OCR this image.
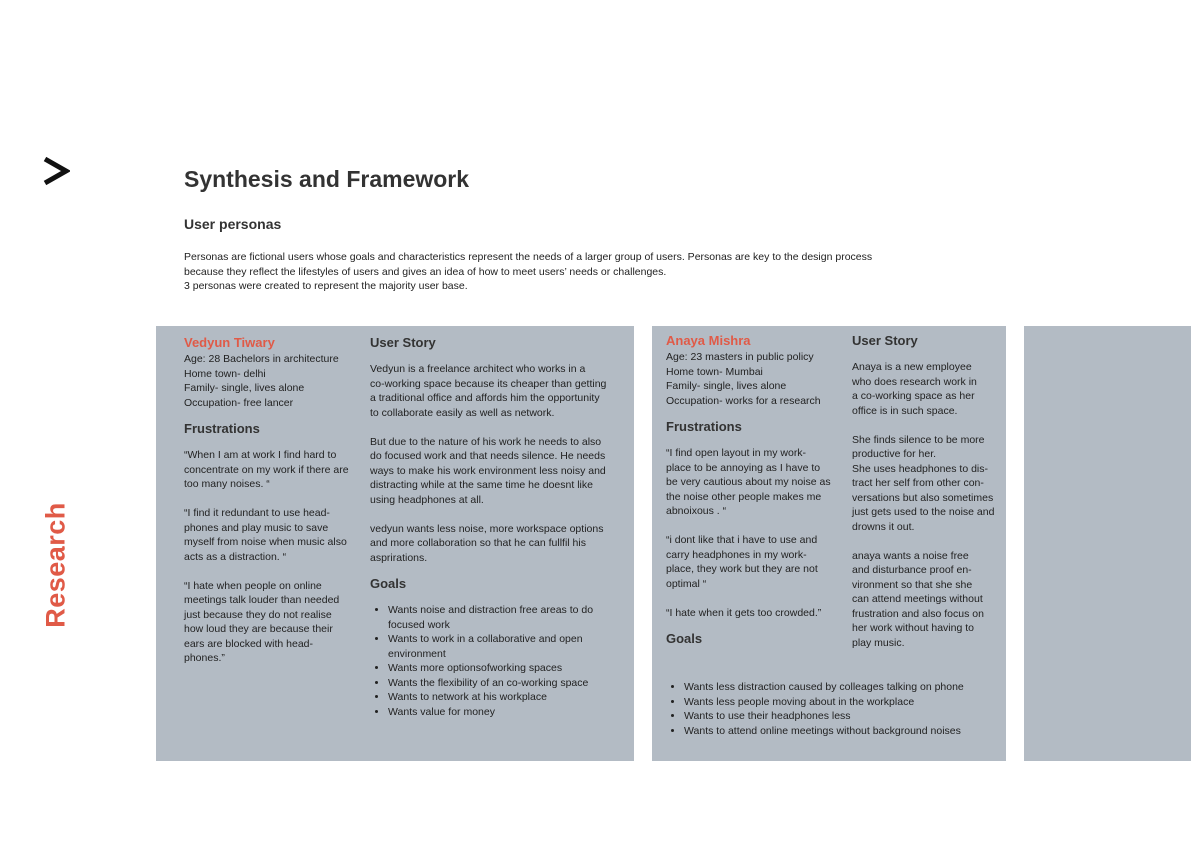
Research
Synthesis and Framework
User personas

Personas are fictional users whose goals and characteristics represent the needs of a larger group of users. Personas are key to the design process

because they reflect the lifestyles of users and gives an idea of how to meet users’ needs or challenges.

3 personas were created to represent the majority user base.

Vedyun Tiwary

Age: 28 Bachelors in architecture

Home town- delhi

Family- single, lives alone

Occupation- free lancer

Frustrations

“When I am at work I find hard to
concentrate on my work if there are
too many noises. “

“I find it redundant to use head-
phones and play music to save
myself from noise when music also
acts as a distraction. “

“I hate when people on online
meetings talk louder than needed
just because they do not realise
how loud they are because their
ears are blocked with head-
phones.”

User Story

Vedyun is a freelance architect who works in a
co-working space because its cheaper than getting
a traditional office and affords him the opportunity
to collaborate easily as well as network.

But due to the nature of his work he needs to also
do focused work and that needs silence. He needs
ways to make his work environment less noisy and
distracting while at the same time he doesnt like
using headphones at all.

vedyun wants less noise, more workspace options
and more collaboration so that he can fullfil his
asprirations.

Goals

• Wants noise and distraction free areas to do
focused work
• Wants to work in a collaborative and open
environment
• Wants more optionsofworking spaces
• Wants the flexibility of an co-working space
• Wants to network at his workplace
• Wants value for money

Anaya Mishra

Age: 23 masters in public policy

Home town- Mumbai

Family- single, lives alone

Occupation- works for a research

Frustrations

“I find open layout in my work-
place to be annoying as I have to
be very cautious about my noise as
the noise other people makes me
abnoixous . “

“i dont like that i have to use and
carry headphones in my work-
place, they work but they are not
optimal “

“I hate when it gets too crowded.”

Goals

• Wants less distraction caused by colleages talking on phone
• Wants less people moving about in the workplace
• Wants to use their headphones less
• Wants to attend online meetings without background noises

User Story

Anaya is a new employee
who does research work in
a co-working space as her
office is in such space.

She finds silence to be more
productive for her.
She uses headphones to dis-
tract her self from other con-
versations but also sometimes
just gets used to the noise and
drowns it out.

anaya wants a noise free
and disturbance proof en-
vironment so that she she
can attend meetings without
frustration and also focus on
her work without having to
play music.
